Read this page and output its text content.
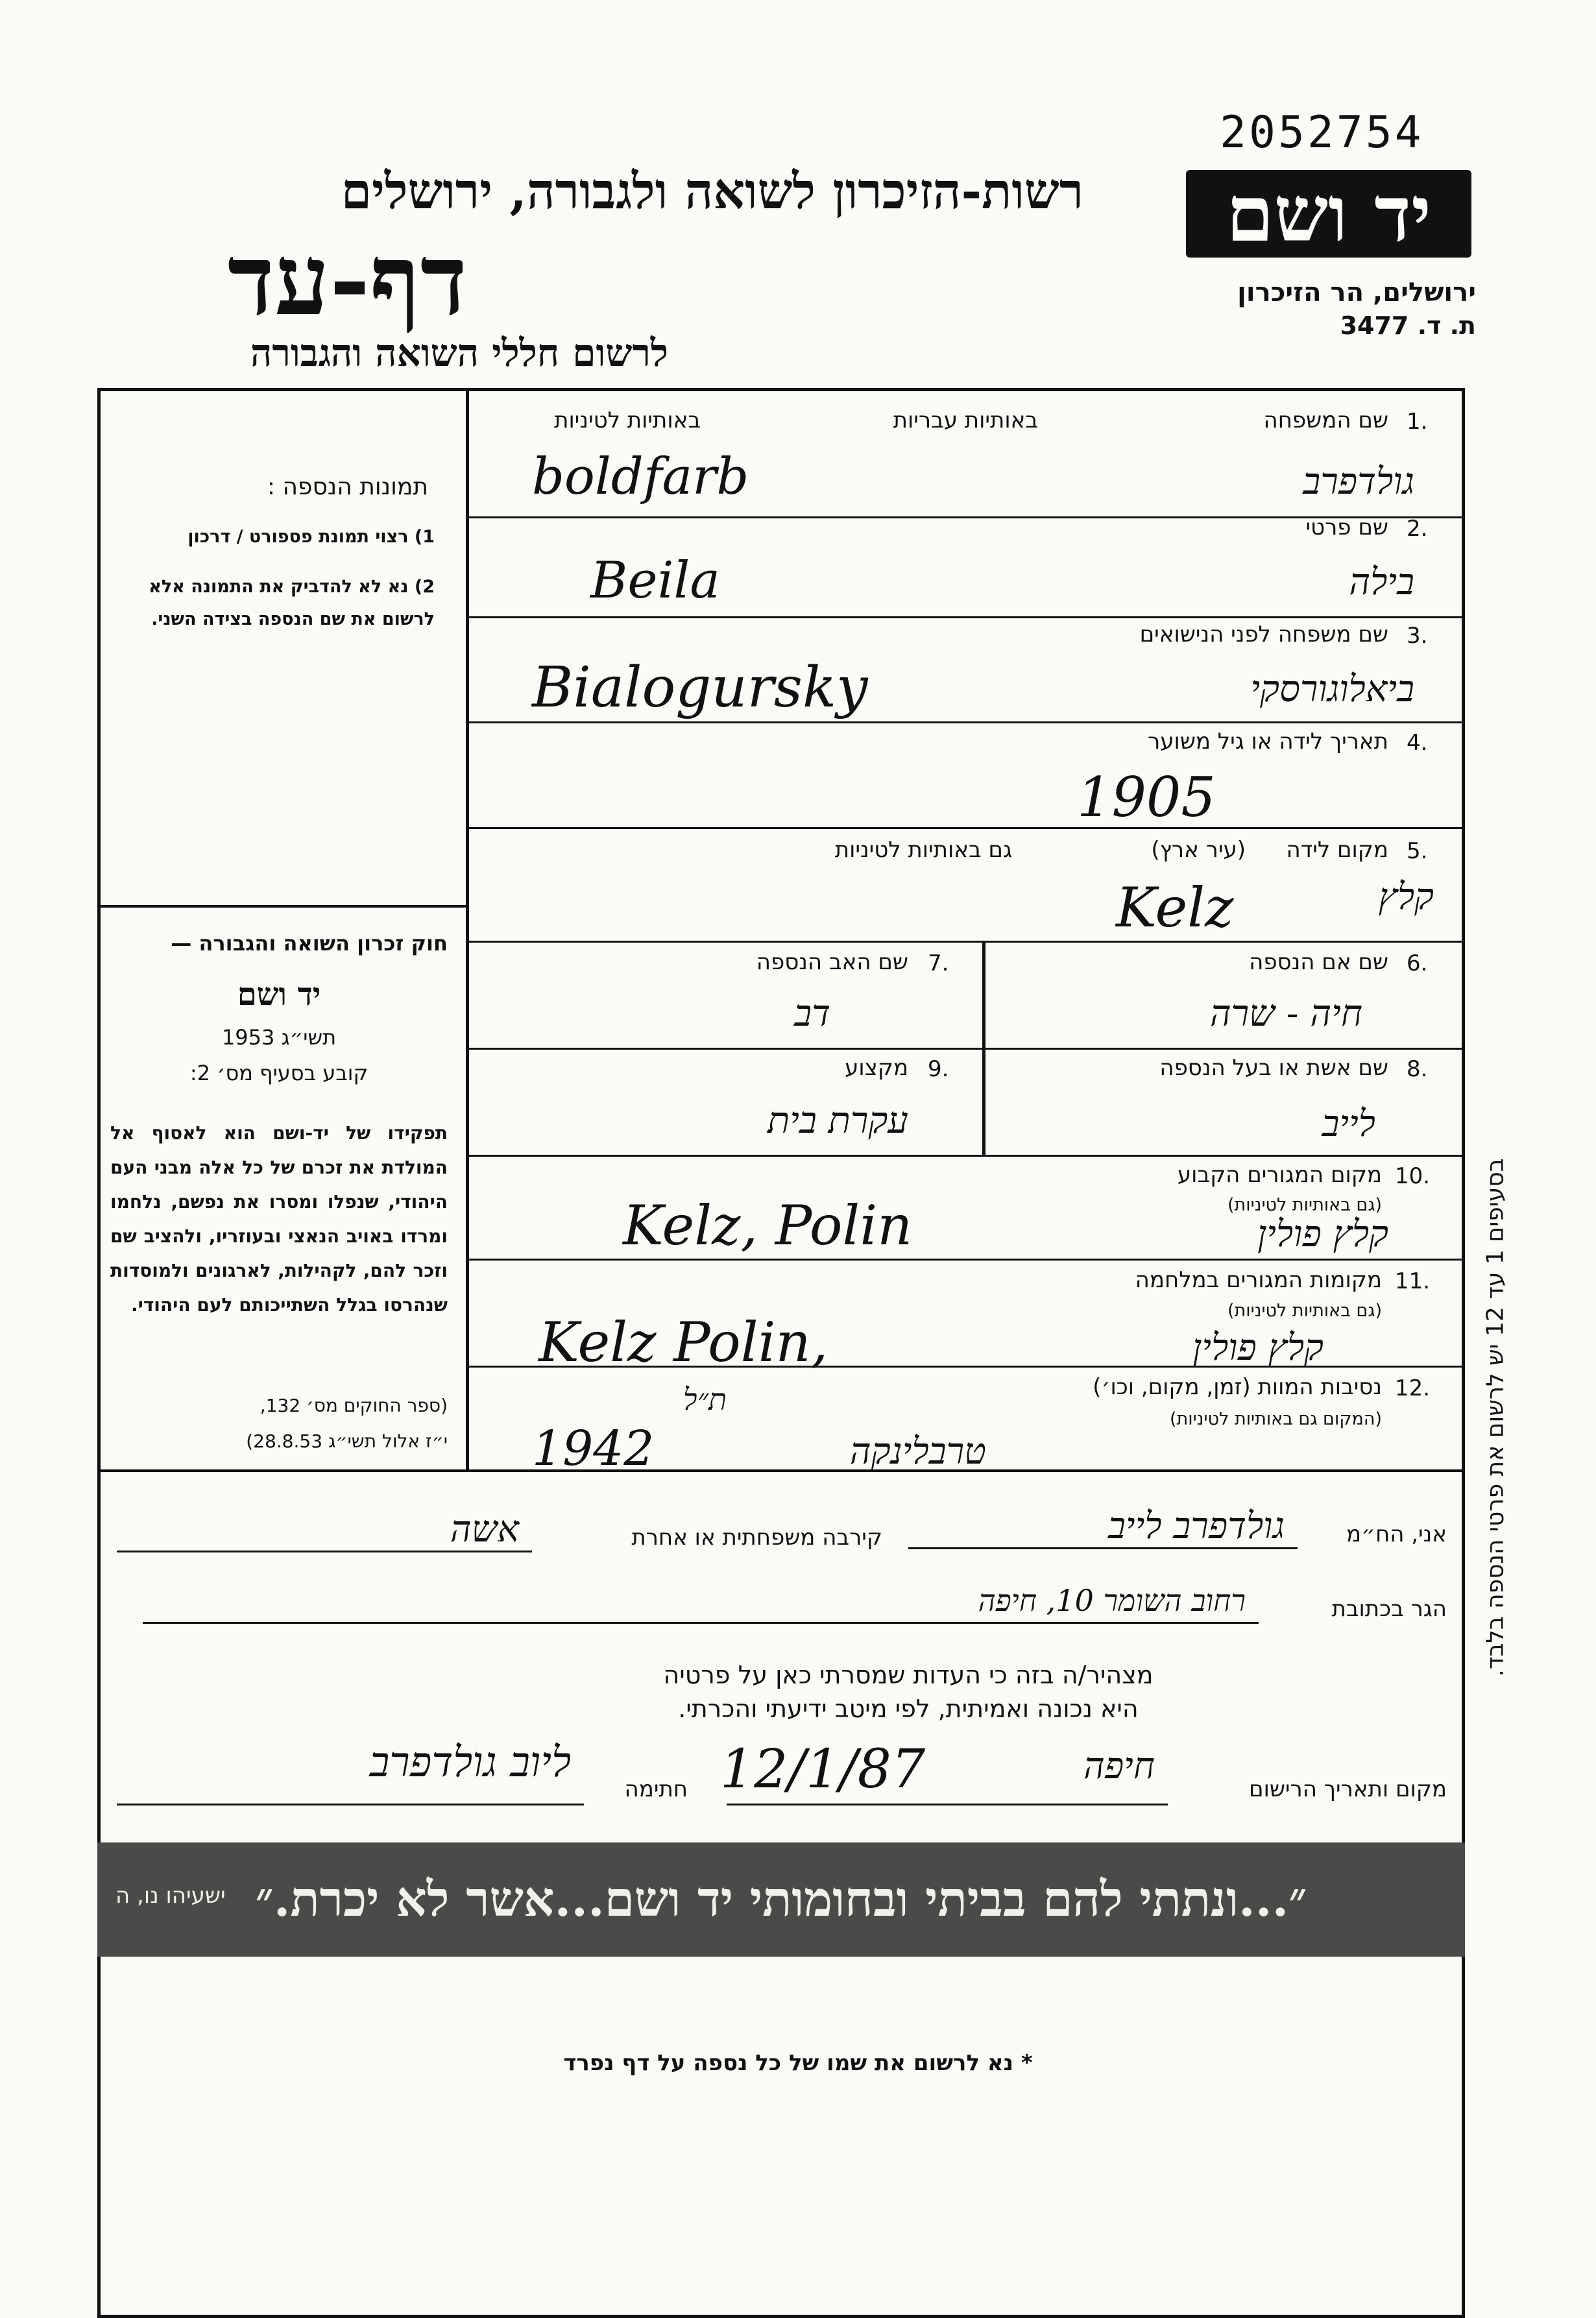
2052754
יד ושם
ירושלים, הר הזיכרון
ת. ד. 3477
רשות-הזיכרון לשואה ולגבורה, ירושלים
דף-עד
לרשום חללי השואה והגבורה
תמונות הנספה :
1) רצוי תמונת פספורט / דרכון
2) נא לא להדביק את התמונה אלא לרשום את שם הנספה בצידה השני.
חוק זכרון השואה והגבורה —
יד ושם
תשי״ג 1953
קובע בסעיף מס׳ 2:
תפקידו של יד-ושם הוא לאסוף אל המולדת את זכרם של כל אלה מבני העם היהודי, שנפלו ומסרו את נפשם, נלחמו ומרדו באויב הנאצי ובעוזריו, ולהציב שם וזכר להם, לקהילות, לארגונים ולמוסדות שנהרסו בגלל השתייכותם לעם היהודי.
(ספר החוקים מס׳ 132,
י״ז אלול תשי״ג 28.8.53)
1.
שם המשפחה
באותיות עבריות
באותיות לטיניות
boldfarb	גולדפרב
2.
שם פרטי
Beila	בילה
3.
שם משפחה לפני הנישואים
Bialogursky	ביאלוגורסקי
4.
תאריך לידה או גיל משוער
1905
5.
מקום לידה
(עיר ארץ)
גם באותיות לטיניות
Kelz	קלץ
6.
שם אם הנספה
חיה - שרה
7.
שם האב הנספה
דב
8.
שם אשת או בעל הנספה
לייב
9.
מקצוע
עקרת בית
10.
מקום המגורים הקבוע
(גם באותיות לטיניות)
Kelz, Polin	קלץ פולין
11.
מקומות המגורים במלחמה
(גם באותיות לטיניות)
Kelz Polin,	קלץ פולין
12.
נסיבות המוות (זמן, מקום, וכו׳)
(המקום גם באותיות לטיניות)
ת״ל
1942	טרבלינקה
אני, הח״מ
גולדפרב לייב
קירבה משפחתית או אחרת
אשה
הגר בכתובת
רחוב השומר 10, חיפה
מצהיר/ה בזה כי העדות שמסרתי כאן על פרטיה
היא נכונה ואמיתית, לפי מיטב ידיעתי והכרתי.
מקום ותאריך הרישום
חיפה
12/1/87
חתימה
ליוב גולדפרב
״...ונתתי להם בביתי ובחומותי יד ושם...אשר לא יכרת.״
ישעיהו נו, ה
בסעיפים 1 עד 12 יש לרשום את פרטי הנספה בלבד.
* נא לרשום את שמו של כל נספה על דף נפרד
